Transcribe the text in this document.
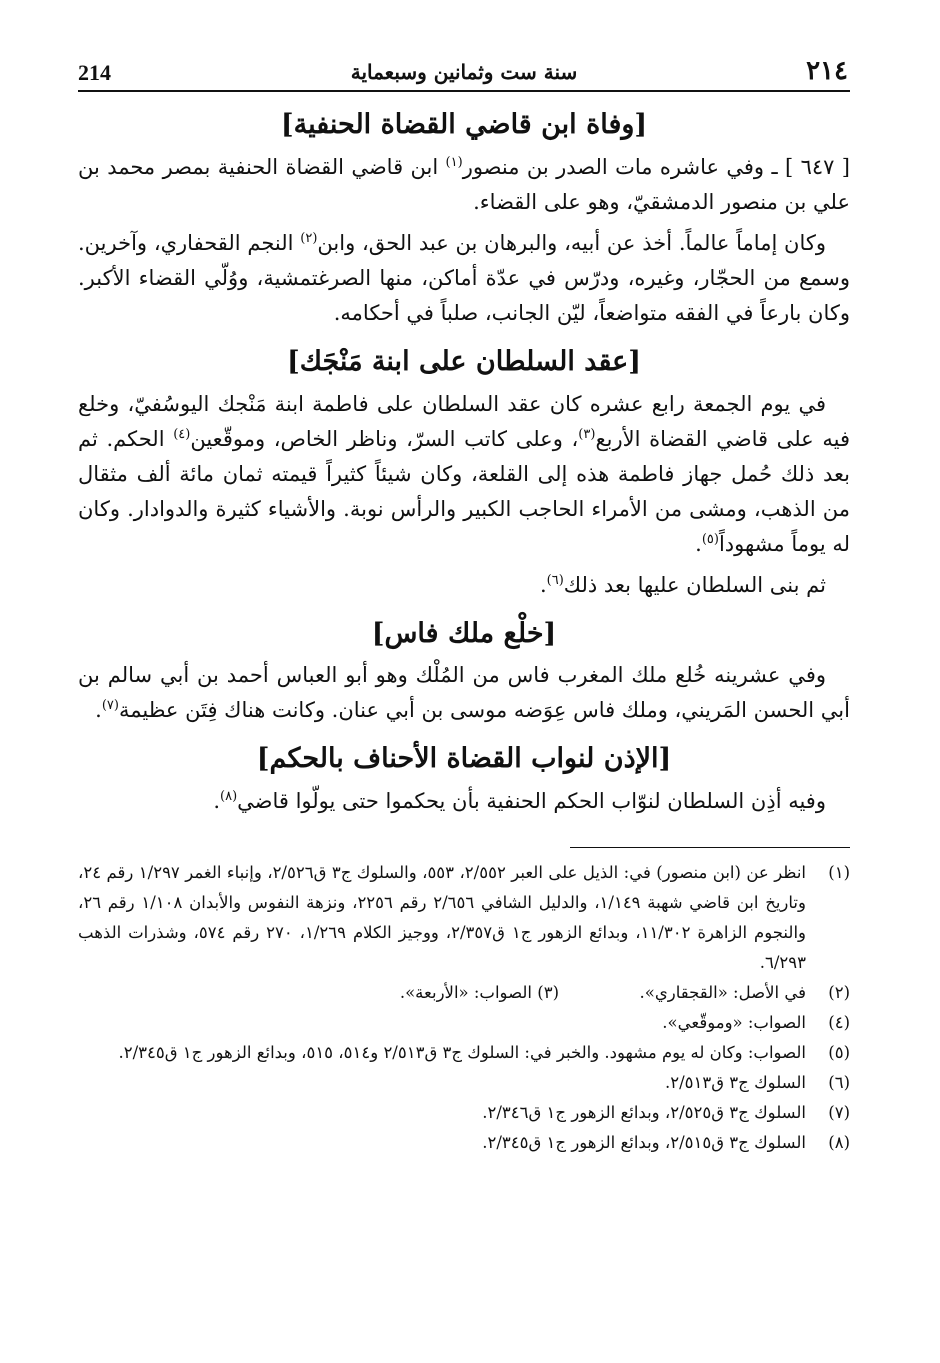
٢١٤
سنة ست وثمانين وسبعماية
214
[وفاة ابن قاضي القضاة الحنفية]

[ ٦٤٧ ] ـ وفي عاشره مات الصدر بن منصور$^{(١)}$ ابن قاضي القضاة الحنفية بمصر محمد بن علي بن منصور الدمشقيّ، وهو على القضاء.

وكان إماماً عالماً. أخذ عن أبيه، والبرهان بن عبد الحق، وابن$^{(٢)}$ النجم القحفاري، وآخرين. وسمع من الحجّار، وغيره، ودرّس في عدّة أماكن، منها الصرغتمشية، ووُلّي القضاء الأكبر. وكان بارعاً في الفقه متواضعاً، ليّن الجانب، صلباً في أحكامه.

[عقد السلطان على ابنة مَنْجَك]

في يوم الجمعة رابع عشره كان عقد السلطان على فاطمة ابنة مَنْجك اليوسُفيّ، وخلع فيه على قاضي القضاة الأربع$^{(٣)}$، وعلى كاتب السرّ، وناظر الخاص، وموقّعين$^{(٤)}$ الحكم. ثم بعد ذلك حُمل جهاز فاطمة هذه إلى القلعة، وكان شيئاً كثيراً قيمته ثمان مائة ألف مثقال من الذهب، ومشى من الأمراء الحاجب الكبير والرأس نوبة. والأشياء كثيرة والدوادار. وكان له يوماً مشهوداً$^{(٥)}$.

ثم بنى السلطان عليها بعد ذلك$^{(٦)}$.

[خلْع ملك فاس]

وفي عشرينه خُلع ملك المغرب فاس من المُلْك وهو أبو العباس أحمد بن أبي سالم بن أبي الحسن المَريني، وملك فاس عِوَضه موسى بن أبي عنان. وكانت هناك فِتَن عظيمة$^{(٧)}$.

[الإذن لنواب القضاة الأحناف بالحكم]

وفيه أذِن السلطان لنوّاب الحكم الحنفية بأن يحكموا حتى يولّوا قاضي$^{(٨)}$.

(١)
انظر عن (ابن منصور) في: الذيل على العبر ٢/٥٥٢، ٥٥٣، والسلوك ج٣ ق٢/٥٢٦، وإنباء الغمر ١/٢٩٧ رقم ٢٤، وتاريخ ابن قاضي شهبة ١/١٤٩، والدليل الشافي ٢/٦٥٦ رقم ٢٢٥٦، ونزهة النفوس والأبدان ١/١٠٨ رقم ٢٦، والنجوم الزاهرة ١١/٣٠٢، وبدائع الزهور ج١ ق٢/٣٥٧، ووجيز الكلام ١/٢٦٩، ٢٧٠ رقم ٥٧٤، وشذرات الذهب ٦/٢٩٣.
(٢)
في الأصل: «القجقاري».  (٣) الصواب: «الأربعة».
(٤)
الصواب: «وموقّعي».
(٥)
الصواب: وكان له يوم مشهود. والخبر في: السلوك ج٣ ق٢/٥١٣ و٥١٤، ٥١٥، وبدائع الزهور ج١ ق٢/٣٤٥.
(٦)
السلوك ج٣ ق٢/٥١٣.
(٧)
السلوك ج٣ ق٢/٥٢٥، وبدائع الزهور ج١ ق٢/٣٤٦.
(٨)
السلوك ج٣ ق٢/٥١٥، وبدائع الزهور ج١ ق٢/٣٤٥.
